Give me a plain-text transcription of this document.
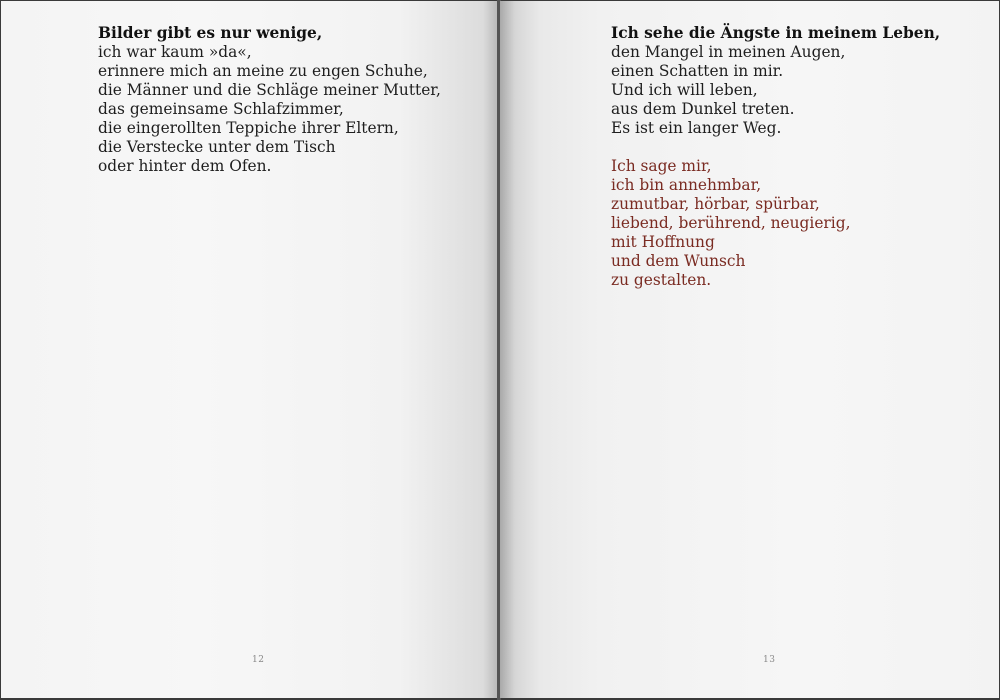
Bilder gibt es nur wenige,
ich war kaum »da«,
erinnere mich an meine zu engen Schuhe,
die Männer und die Schläge meiner Mutter,
das gemeinsame Schlafzimmer,
die eingerollten Teppiche ihrer Eltern,
die Verstecke unter dem Tisch
oder hinter dem Ofen.
12
Ich sehe die Ängste in meinem Leben,
den Mangel in meinen Augen,
einen Schatten in mir.
Und ich will leben,
aus dem Dunkel treten.
Es ist ein langer Weg.
Ich sage mir,
ich bin annehmbar,
zumutbar, hörbar, spürbar,
liebend, berührend, neugierig,
mit Hoffnung
und dem Wunsch
zu gestalten.
13
